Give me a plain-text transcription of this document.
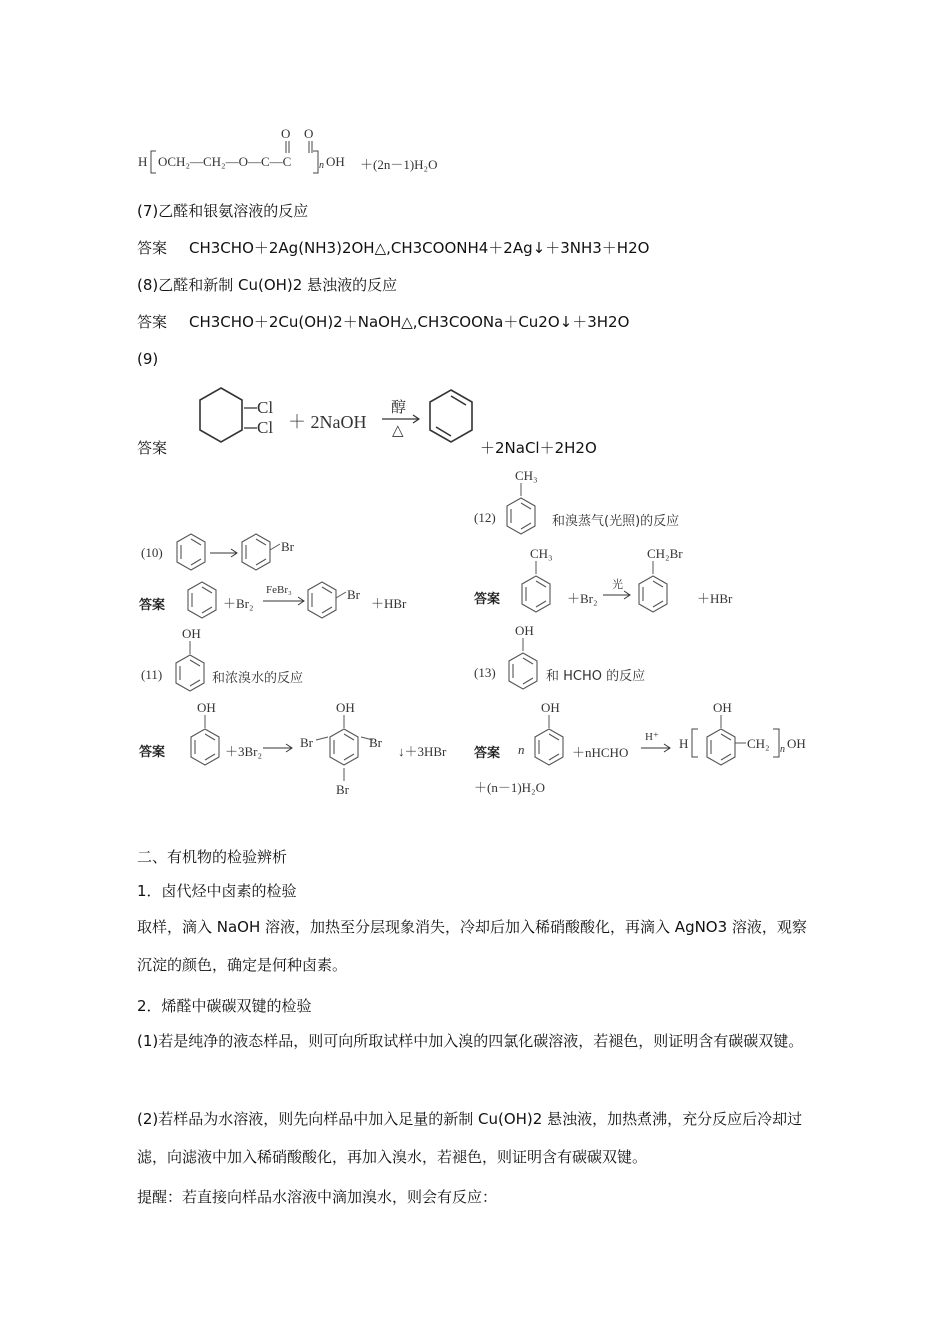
H OCH₂—CH₂—O—C—C
O O
n OH ＋(2n－1)H₂O
(7)乙醛和银氨溶液的反应
答案 CH3CHO＋2Ag(NH3)2OH△,CH3COONH4＋2Ag↓＋3NH3＋H2O
(8)乙醛和新制 Cu(OH)2 悬浊液的反应
答案 CH3CHO＋2Cu(OH)2＋NaOH△,CH3COONa＋Cu2O↓＋3H2O
(9)
答案
Cl
Cl ＋ 2NaOH
醇
△
＋2NaCl＋2H2O
(10)	Br
答案	＋Br₂
FeBr₃	Br
＋HBr
OH
(11)	和浓溴水的反应
OH
答案	＋3Br₂
Br
OH
Br
Br
↓＋3HBr
CH₃
(12)	和溴蒸气(光照)的反应
CH₃
答案	＋Br₂
光
CH₂Br
＋HBr
OH
(13)	和 HCHO 的反应
OH
答案 n	＋nHCHO
H⁺ H
OH
CH₂ n OH
＋(n－1)H₂O
二、有机物的检验辨析
1．卤代烃中卤素的检验
取样，滴入 NaOH 溶液，加热至分层现象消失，冷却后加入稀硝酸酸化，再滴入 AgNO3 溶液，观察沉淀的颜色，确定是何种卤素。
2．烯醛中碳碳双键的检验
(1)若是纯净的液态样品，则可向所取试样中加入溴的四氯化碳溶液，若褪色，则证明含有碳碳双键。
(2)若样品为水溶液，则先向样品中加入足量的新制 Cu(OH)2 悬浊液，加热煮沸，充分反应后冷却过滤，向滤液中加入稀硝酸酸化，再加入溴水，若褪色，则证明含有碳碳双键。
提醒：若直接向样品水溶液中滴加溴水，则会有反应：
